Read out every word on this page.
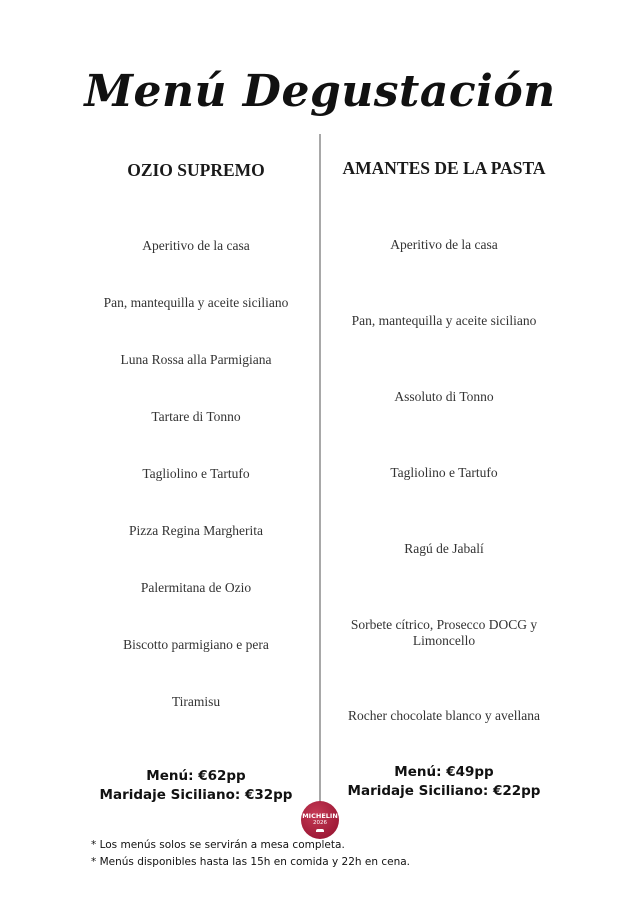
Menú Degustación
OZIO SUPREMO
Aperitivo de la casa
Pan, mantequilla y aceite siciliano
Luna Rossa alla Parmigiana
Tartare di Tonno
Tagliolino e Tartufo
Pizza Regina Margherita
Palermitana de Ozio
Biscotto parmigiano e pera
Tiramisu
Menú: €62pp
Maridaje Siciliano: €32pp
AMANTES DE LA PASTA
Aperitivo de la casa
Pan, mantequilla y aceite siciliano
Assoluto di Tonno
Tagliolino e Tartufo
Ragú de Jabalí
Sorbete cítrico, Prosecco DOCG y Limoncello
Rocher chocolate blanco y avellana
Menú: €49pp
Maridaje Siciliano: €22pp
MICHELIN
2026
* Los menús solos se servirán a mesa completa.
* Menús disponibles hasta las 15h en comida y 22h en cena.
